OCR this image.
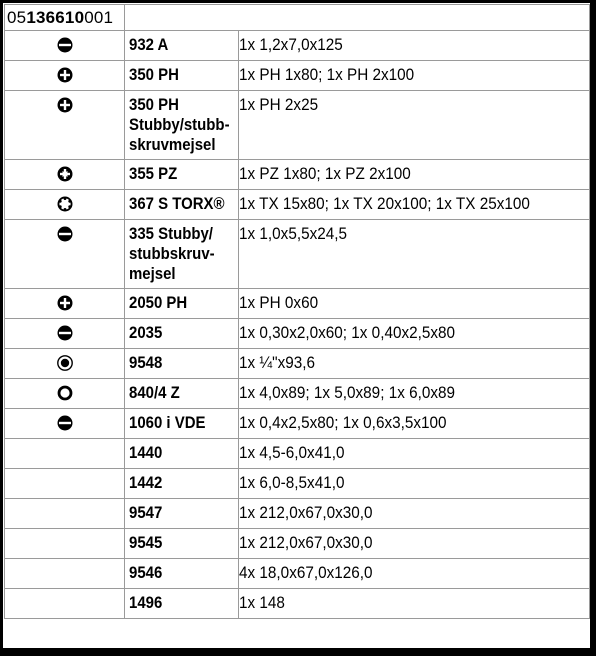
05136610001		

932 A	1x 1,2x7,0x125

350 PH	1x PH 1x80; 1x PH 2x100

350 PH
Stubby/stubb-
skruvmejsel	1x PH 2x25

355 PZ	1x PZ 1x80; 1x PZ 2x100

367 S TORX®	1x TX 15x80; 1x TX 20x100; 1x TX 25x100

335 Stubby/
stubbskruv-
mejsel	1x 1,0x5,5x24,5

2050 PH	1x PH 0x60

2035	1x 0,30x2,0x60; 1x 0,40x2,5x80

9548	1x ¼"x93,6

840/4 Z	1x 4,0x89; 1x 5,0x89; 1x 6,0x89

1060 i VDE	1x 0,4x2,5x80; 1x 0,6x3,5x100

	1440	1x 4,5-6,0x41,0

	1442	1x 6,0-8,5x41,0

	9547	1x 212,0x67,0x30,0

	9545	1x 212,0x67,0x30,0

	9546	4x 18,0x67,0x126,0

	1496	1x 148
